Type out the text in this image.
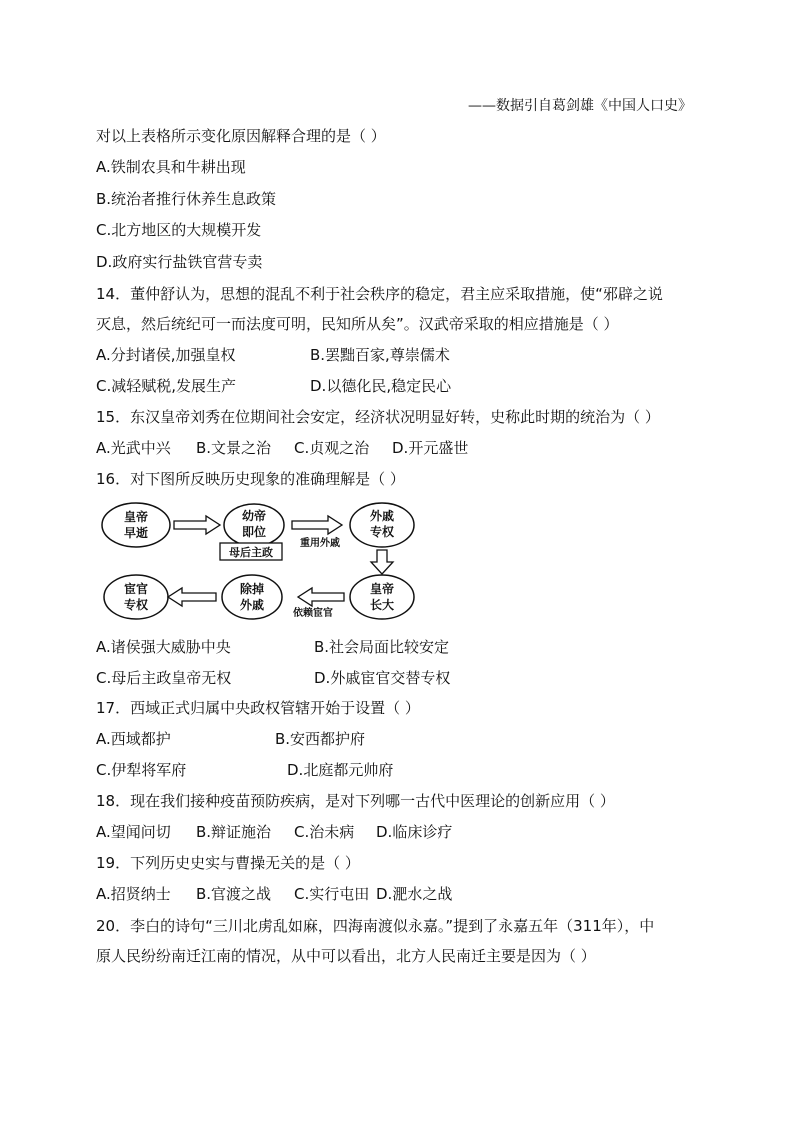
——数据引自葛剑雄《中国人口史》
对以上表格所示变化原因解释合理的是（ ）
A.铁制农具和牛耕出现
B.统治者推行休养生息政策
C.北方地区的大规模开发
D.政府实行盐铁官营专卖
14．董仲舒认为，思想的混乱不利于社会秩序的稳定，君主应采取措施，使“邪辟之说
灭息，然后统纪可一而法度可明，民知所从矣”。汉武帝采取的相应措施是（ ）
A.分封诸侯,加强皇权	B.罢黜百家,尊崇儒术
C.减轻赋税,发展生产	D.以德化民,稳定民心
15．东汉皇帝刘秀在位期间社会安定，经济状况明显好转，史称此时期的统治为（ ）
A.光武中兴 B.文景之治 C.贞观之治 D.开元盛世
16．对下图所反映历史现象的准确理解是（ ）
皇帝
早逝
幼帝
即位
外戚
专权
皇帝
长大
除掉
外戚
宦官
专权
母后主政
重用外戚
依赖宦官
A.诸侯强大威胁中央	B.社会局面比较安定
C.母后主政皇帝无权	D.外戚宦官交替专权
17．西域正式归属中央政权管辖开始于设置（ ）
A.西域都护	B.安西都护府
C.伊犁将军府	D.北庭都元帅府
18．现在我们接种疫苗预防疾病，是对下列哪一古代中医理论的创新应用（ ）
A.望闻问切 B.辩证施治 C.治未病 D.临床诊疗
19．下列历史史实与曹操无关的是（ ）
A.招贤纳士 B.官渡之战 C.实行屯田 D.淝水之战
20．李白的诗句“三川北虏乱如麻，四海南渡似永嘉。”提到了永嘉五年（311年），中
原人民纷纷南迁江南的情况，从中可以看出，北方人民南迁主要是因为（ ）
